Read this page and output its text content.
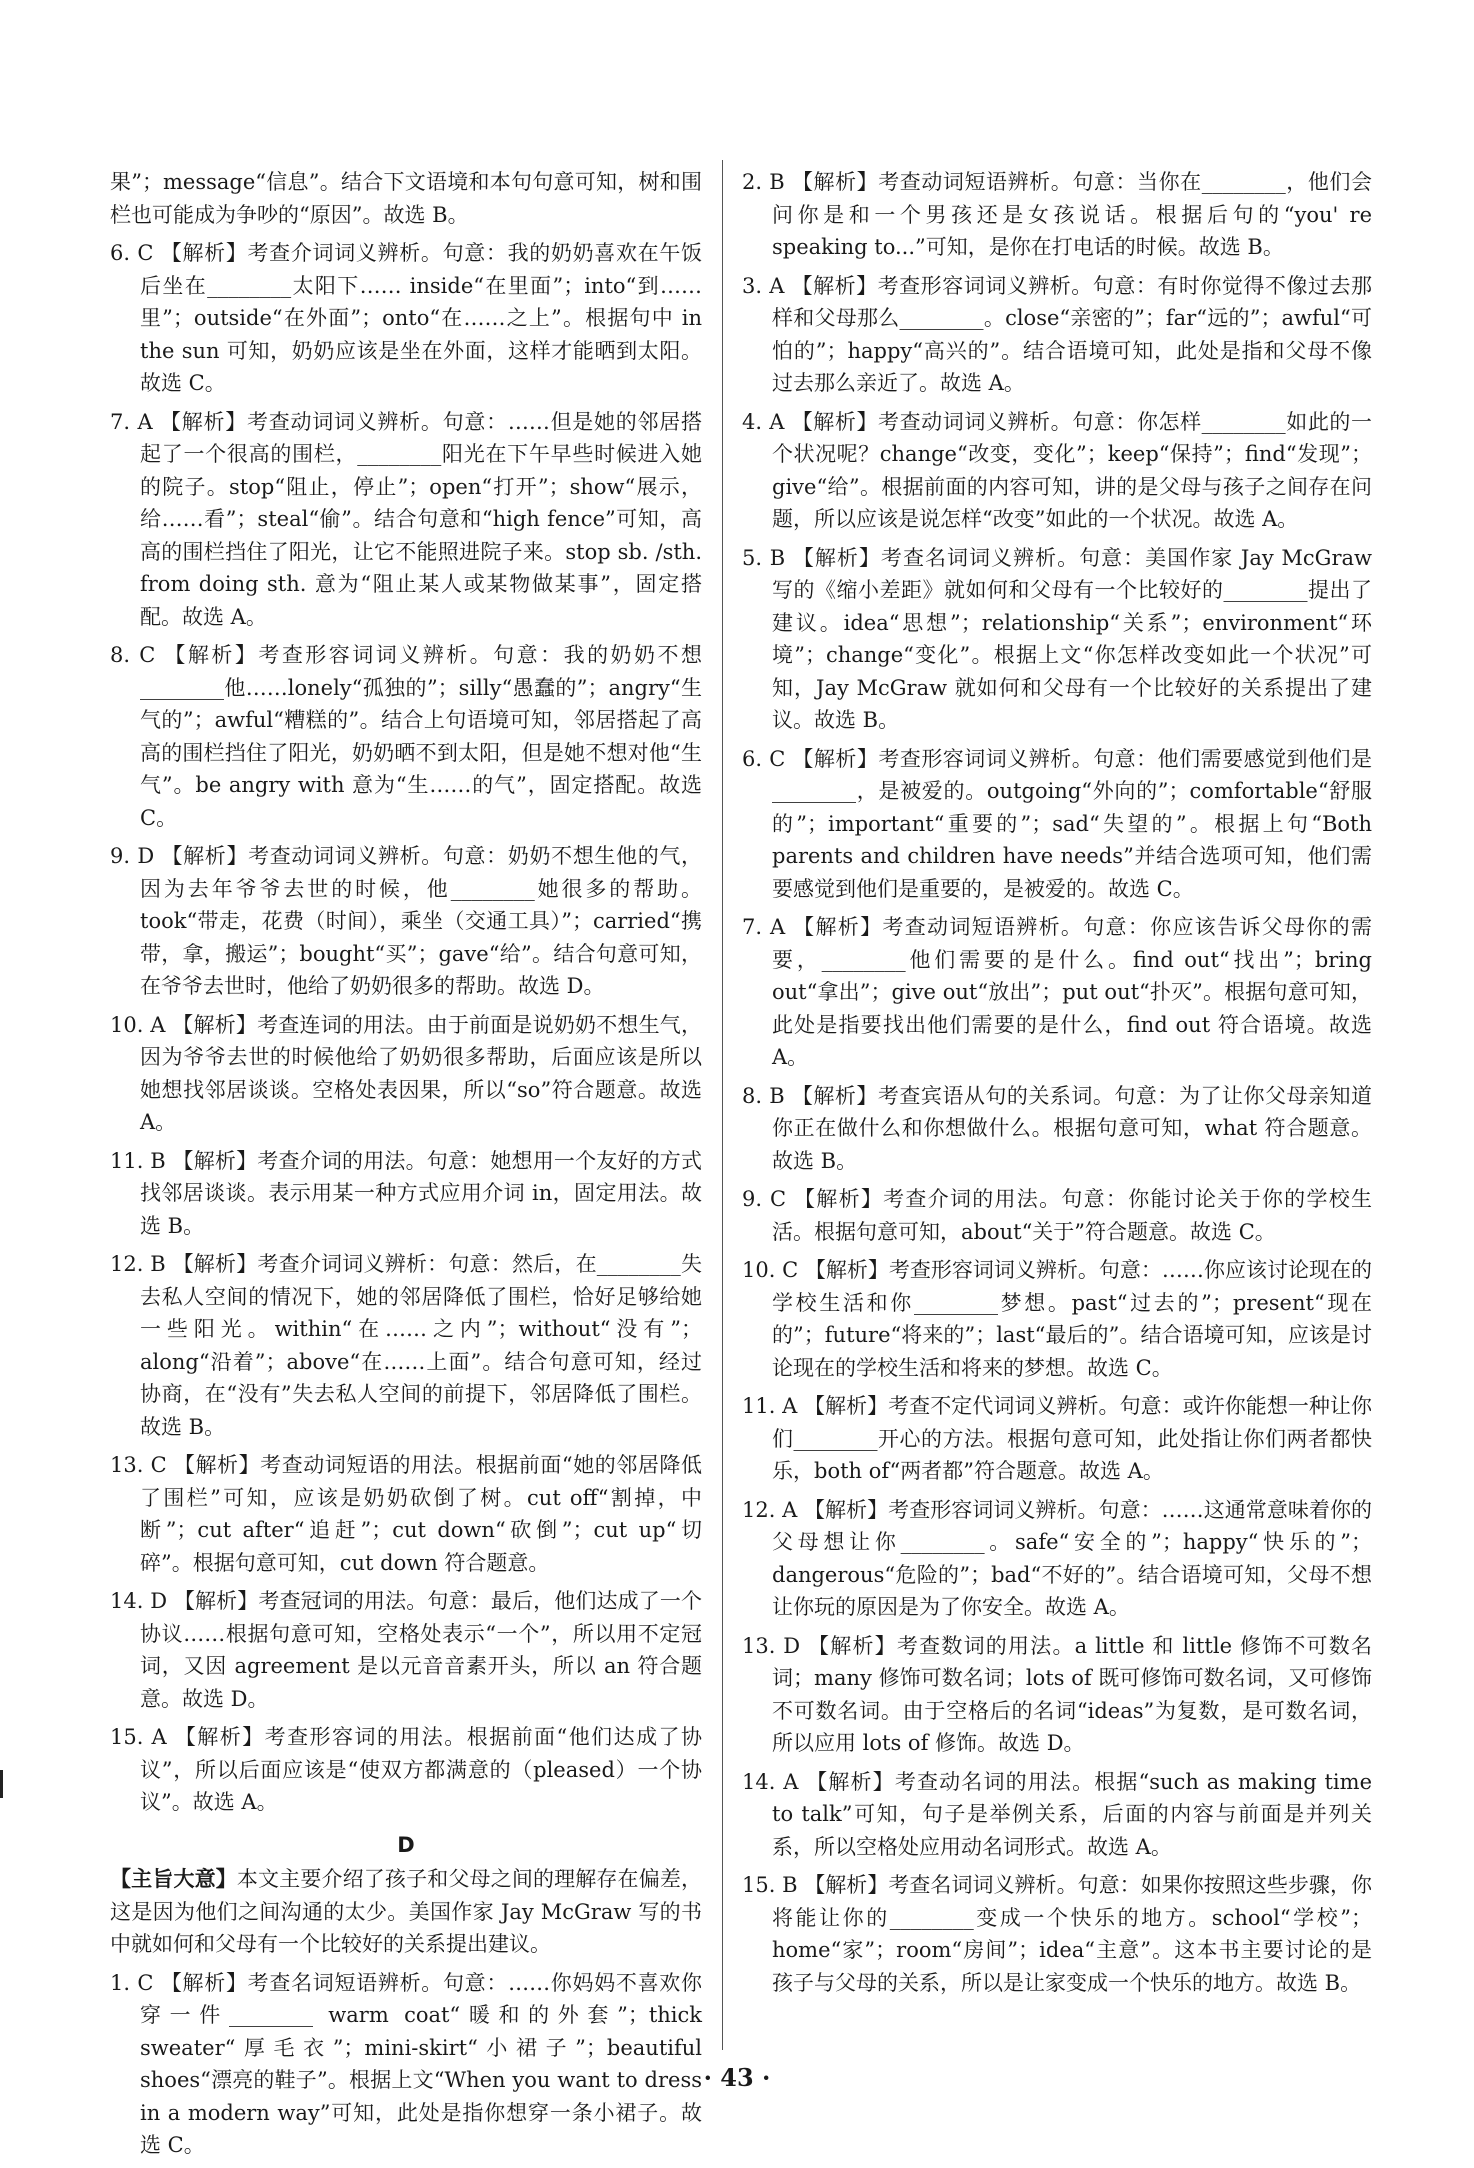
果”；message“信息”。结合下文语境和本句句意可知，树和围栏也可能成为争吵的“原因”。故选 B。

6. C 【解析】考查介词词义辨析。句意：我的奶奶喜欢在午饭后坐在________太阳下…… inside“在里面”；into“到……里”；outside“在外面”；onto“在……之上”。根据句中 in the sun 可知，奶奶应该是坐在外面，这样才能晒到太阳。故选 C。

7. A 【解析】考查动词词义辨析。句意：……但是她的邻居搭起了一个很高的围栏，________阳光在下午早些时候进入她的院子。stop“阻止，停止”；open“打开”；show“展示，给……看”；steal“偷”。结合句意和“high fence”可知，高高的围栏挡住了阳光，让它不能照进院子来。stop sb. /sth. from doing sth. 意为“阻止某人或某物做某事”，固定搭配。故选 A。

8. C 【解析】考查形容词词义辨析。句意：我的奶奶不想________他……lonely“孤独的”；silly“愚蠢的”；angry“生气的”；awful“糟糕的”。结合上句语境可知，邻居搭起了高高的围栏挡住了阳光，奶奶晒不到太阳，但是她不想对他“生气”。be angry with 意为“生……的气”，固定搭配。故选 C。

9. D 【解析】考查动词词义辨析。句意：奶奶不想生他的气，因为去年爷爷去世的时候，他________她很多的帮助。took“带走，花费（时间），乘坐（交通工具）”；carried“携带，拿，搬运”；bought“买”；gave“给”。结合句意可知，在爷爷去世时，他给了奶奶很多的帮助。故选 D。

10. A 【解析】考查连词的用法。由于前面是说奶奶不想生气，因为爷爷去世的时候他给了奶奶很多帮助，后面应该是所以她想找邻居谈谈。空格处表因果，所以“so”符合题意。故选 A。

11. B 【解析】考查介词的用法。句意：她想用一个友好的方式找邻居谈谈。表示用某一种方式应用介词 in，固定用法。故选 B。

12. B 【解析】考查介词词义辨析：句意：然后，在________失去私人空间的情况下，她的邻居降低了围栏，恰好足够给她一些阳光。within“在……之内”；without“没有”；along“沿着”；above“在……上面”。结合句意可知，经过协商，在“没有”失去私人空间的前提下，邻居降低了围栏。故选 B。

13. C 【解析】考查动词短语的用法。根据前面“她的邻居降低了围栏”可知，应该是奶奶砍倒了树。cut off“割掉，中断”；cut after“追赶”；cut down“砍倒”；cut up“切碎”。根据句意可知，cut down 符合题意。

14. D 【解析】考查冠词的用法。句意：最后，他们达成了一个协议……根据句意可知，空格处表示“一个”，所以用不定冠词，又因 agreement 是以元音音素开头，所以 an 符合题意。故选 D。

15. A 【解析】考查形容词的用法。根据前面“他们达成了协议”，所以后面应该是“使双方都满意的（pleased）一个协议”。故选 A。

D

【主旨大意】本文主要介绍了孩子和父母之间的理解存在偏差，这是因为他们之间沟通的太少。美国作家 Jay McGraw 写的书中就如何和父母有一个比较好的关系提出建议。

1. C 【解析】考查名词短语辨析。句意：……你妈妈不喜欢你穿一件________ warm coat“暖和的外套”；thick sweater“厚毛衣”；mini-skirt“小裙子”；beautiful shoes“漂亮的鞋子”。根据上文“When you want to dress in a modern way”可知，此处是指你想穿一条小裙子。故选 C。

2. B 【解析】考查动词短语辨析。句意：当你在________，他们会问你是和一个男孩还是女孩说话。根据后句的“you' re speaking to...”可知，是你在打电话的时候。故选 B。

3. A 【解析】考查形容词词义辨析。句意：有时你觉得不像过去那样和父母那么________。close“亲密的”；far“远的”；awful“可怕的”；happy“高兴的”。结合语境可知，此处是指和父母不像过去那么亲近了。故选 A。

4. A 【解析】考查动词词义辨析。句意：你怎样________如此的一个状况呢？change“改变，变化”；keep“保持”；find“发现”；give“给”。根据前面的内容可知，讲的是父母与孩子之间存在问题，所以应该是说怎样“改变”如此的一个状况。故选 A。

5. B 【解析】考查名词词义辨析。句意：美国作家 Jay McGraw 写的《缩小差距》就如何和父母有一个比较好的________提出了建议。idea“思想”；relationship“关系”；environment“环境”；change“变化”。根据上文“你怎样改变如此一个状况”可知，Jay McGraw 就如何和父母有一个比较好的关系提出了建议。故选 B。

6. C 【解析】考查形容词词义辨析。句意：他们需要感觉到他们是________，是被爱的。outgoing“外向的”；comfortable“舒服的”；important“重要的”；sad“失望的”。根据上句“Both parents and children have needs”并结合选项可知，他们需要感觉到他们是重要的，是被爱的。故选 C。

7. A 【解析】考查动词短语辨析。句意：你应该告诉父母你的需要，________他们需要的是什么。find out“找出”；bring out“拿出”；give out“放出”；put out“扑灭”。根据句意可知，此处是指要找出他们需要的是什么，find out 符合语境。故选 A。

8. B 【解析】考查宾语从句的关系词。句意：为了让你父母亲知道你正在做什么和你想做什么。根据句意可知，what 符合题意。故选 B。

9. C 【解析】考查介词的用法。句意：你能讨论关于你的学校生活。根据句意可知，about“关于”符合题意。故选 C。

10. C 【解析】考查形容词词义辨析。句意：……你应该讨论现在的学校生活和你________梦想。past“过去的”；present“现在的”；future“将来的”；last“最后的”。结合语境可知，应该是讨论现在的学校生活和将来的梦想。故选 C。

11. A 【解析】考查不定代词词义辨析。句意：或许你能想一种让你们________开心的方法。根据句意可知，此处指让你们两者都快乐，both of“两者都”符合题意。故选 A。

12. A 【解析】考查形容词词义辨析。句意：……这通常意味着你的父母想让你________。safe“安全的”；happy“快乐的”；dangerous“危险的”；bad“不好的”。结合语境可知，父母不想让你玩的原因是为了你安全。故选 A。

13. D 【解析】考查数词的用法。a little 和 little 修饰不可数名词；many 修饰可数名词；lots of 既可修饰可数名词，又可修饰不可数名词。由于空格后的名词“ideas”为复数，是可数名词，所以应用 lots of 修饰。故选 D。

14. A 【解析】考查动名词的用法。根据“such as making time to talk”可知，句子是举例关系，后面的内容与前面是并列关系，所以空格处应用动名词形式。故选 A。

15. B 【解析】考查名词词义辨析。句意：如果你按照这些步骤，你将能让你的________变成一个快乐的地方。school“学校”；home“家”；room“房间”；idea“主意”。这本书主要讨论的是孩子与父母的关系，所以是让家变成一个快乐的地方。故选 B。

· 43 ·
